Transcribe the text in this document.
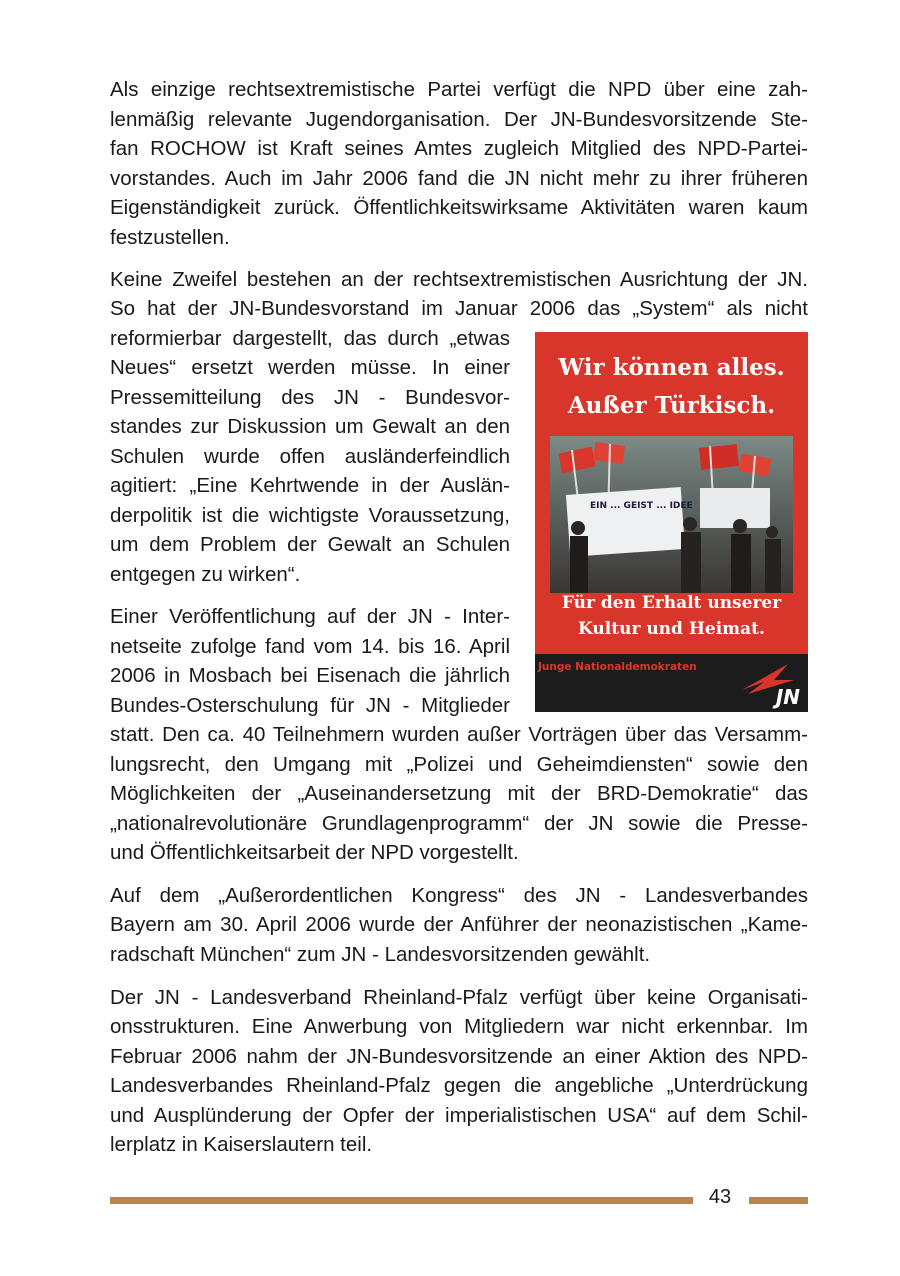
Als einzige rechtsextremistische Partei verfügt die NPD über eine zah-
lenmäßig relevante Jugendorganisation. Der JN-Bundesvorsitzende Ste-
fan ROCHOW ist Kraft seines Amtes zugleich Mitglied des NPD-Partei-
vorstandes. Auch im Jahr 2006 fand die JN nicht mehr zu ihrer früheren
Eigenständigkeit zurück. Öffentlichkeitswirksame Aktivitäten waren kaum
festzustellen.
Keine Zweifel bestehen an der rechtsextremistischen Ausrichtung der JN.
So hat der JN-Bundesvorstand im Januar 2006 das „System“ als nicht
reformierbar dargestellt, das durch „etwas
Neues“ ersetzt werden müsse. In einer
Pressemitteilung des JN - Bundesvor-
standes zur Diskussion um Gewalt an den
Schulen wurde offen ausländerfeindlich
agitiert: „Eine Kehrtwende in der Auslän-
derpolitik ist die wichtigste Voraussetzung,
um dem Problem der Gewalt an Schulen
entgegen zu wirken“.
Einer Veröffentlichung auf der JN - Inter-
netseite zufolge fand vom 14. bis 16. April
2006 in Mosbach bei Eisenach die jährlich
Bundes-Osterschulung für JN - Mitglieder
statt. Den ca. 40 Teilnehmern wurden außer Vorträgen über das Versamm-
lungsrecht, den Umgang mit „Polizei und Geheimdiensten“ sowie den
Möglichkeiten der „Auseinandersetzung mit der BRD-Demokratie“ das
„nationalrevolutionäre Grundlagenprogramm“ der JN sowie die Presse-
und Öffentlichkeitsarbeit der NPD vorgestellt.
Auf dem „Außerordentlichen Kongress“ des JN - Landesverbandes
Bayern am 30. April 2006 wurde der Anführer der neonazistischen „Kame-
radschaft München“ zum JN - Landesvorsitzenden gewählt.
Der JN - Landesverband Rheinland-Pfalz verfügt über keine Organisati-
onsstrukturen. Eine Anwerbung von Mitgliedern war nicht erkennbar. Im
Februar 2006 nahm der JN-Bundesvorsitzende an einer Aktion des NPD-
Landesverbandes Rheinland-Pfalz gegen die angebliche „Unterdrückung
und Ausplünderung der Opfer der imperialistischen USA“ auf dem Schil-
lerplatz in Kaiserslautern teil.
Wir können alles.
Außer Türkisch.
EIN ... GEIST ... IDEE
Für den Erhalt unserer
Kultur und Heimat.
Junge Nationaldemokraten
JN
43
